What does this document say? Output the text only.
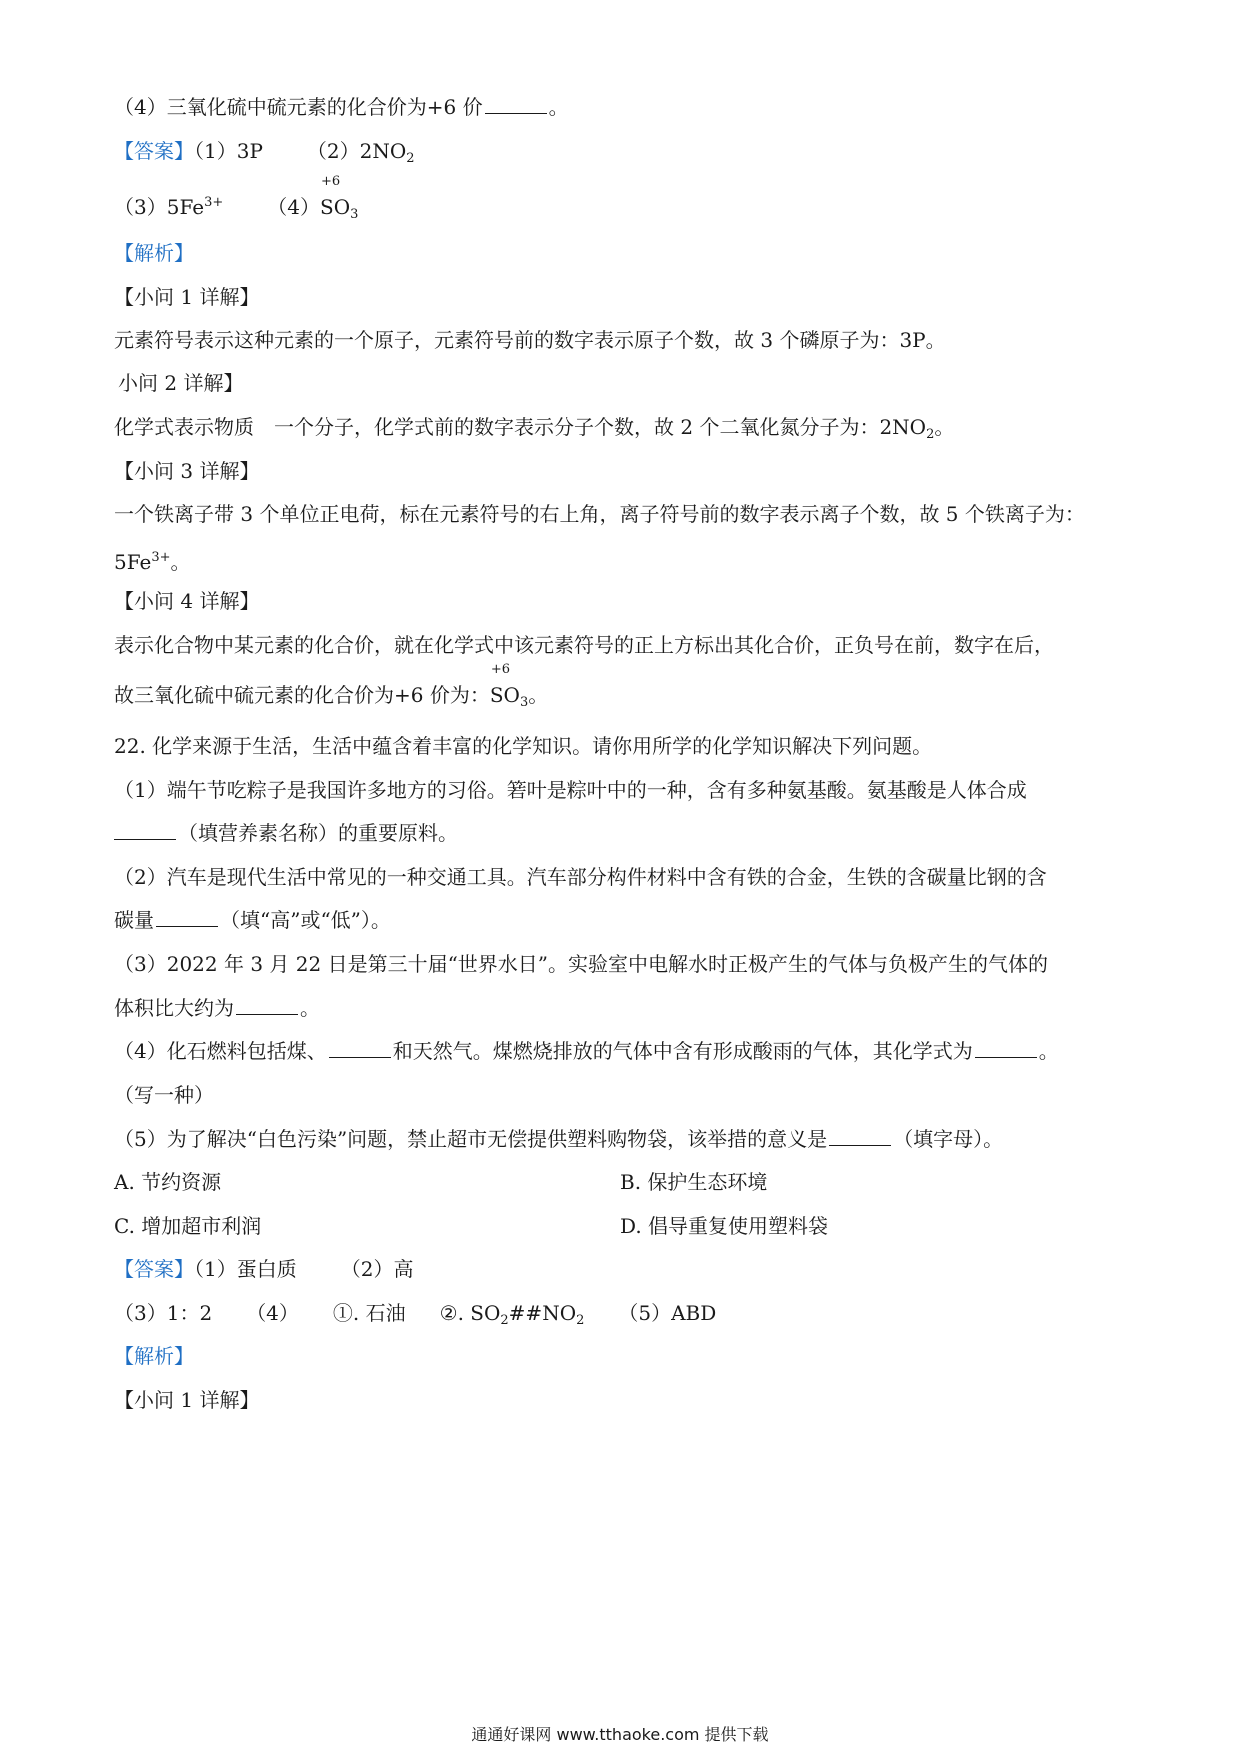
（4）三氧化硫中硫元素的化合价为+6 价	。
【答案】（1）3P $(2)2NO_2$
$(3)5Fe^{3+}$ （4）
+6
$SO_3$
【解析】
【小问 1 详解】
元素符号表示这种元素的一个原子，元素符号前的数字表示原子个数，故 3 个磷原子为：3P。
小问 2 详解】
化学式表示物质　一个分子，化学式前的数字表示分子个数，故 2 个二氧化氮分子为：$2NO_2$。
【小问 3 详解】
一个铁离子带 3 个单位正电荷，标在元素符号的右上角，离子符号前的数字表示离子个数，故 5 个铁离子为：
$5Fe^{3+}$。
【小问 4 详解】
表示化合物中某元素的化合价，就在化学式中该元素符号的正上方标出其化合价，正负号在前，数字在后，
故三氧化硫中硫元素的化合价为+6 价为：
+6
$SO_3$。
22. 化学来源于生活，生活中蕴含着丰富的化学知识。请你用所学的化学知识解决下列问题。
（1）端午节吃粽子是我国许多地方的习俗。箬叶是粽叶中的一种，含有多种氨基酸。氨基酸是人体合成
（填营养素名称）的重要原料。
（2）汽车是现代生活中常见的一种交通工具。汽车部分构件材料中含有铁的合金，生铁的含碳量比钢的含
碳量	（填“高”或“低”）。
（3）2022 年 3 月 22 日是第三十届“世界水日”。实验室中电解水时正极产生的气体与负极产生的气体的
体积比大约为	。
（4）化石燃料包括煤、	和天然气。煤燃烧排放的气体中含有形成酸雨的气体，其化学式为	。
（写一种）
（5）为了解决“白色污染”问题，禁止超市无偿提供塑料购物袋，该举措的意义是	（填字母）。
A. 节约资源	B. 保护生态环境
C. 增加超市利润	D. 倡导重复使用塑料袋
【答案】（1）蛋白质 （2）高
（3）1：2 （4） ①. 石油 ②. $SO_2\#\#NO_2$ （5）ABD
【解析】
【小问 1 详解】
通通好课网 www.tthaoke.com 提供下载
